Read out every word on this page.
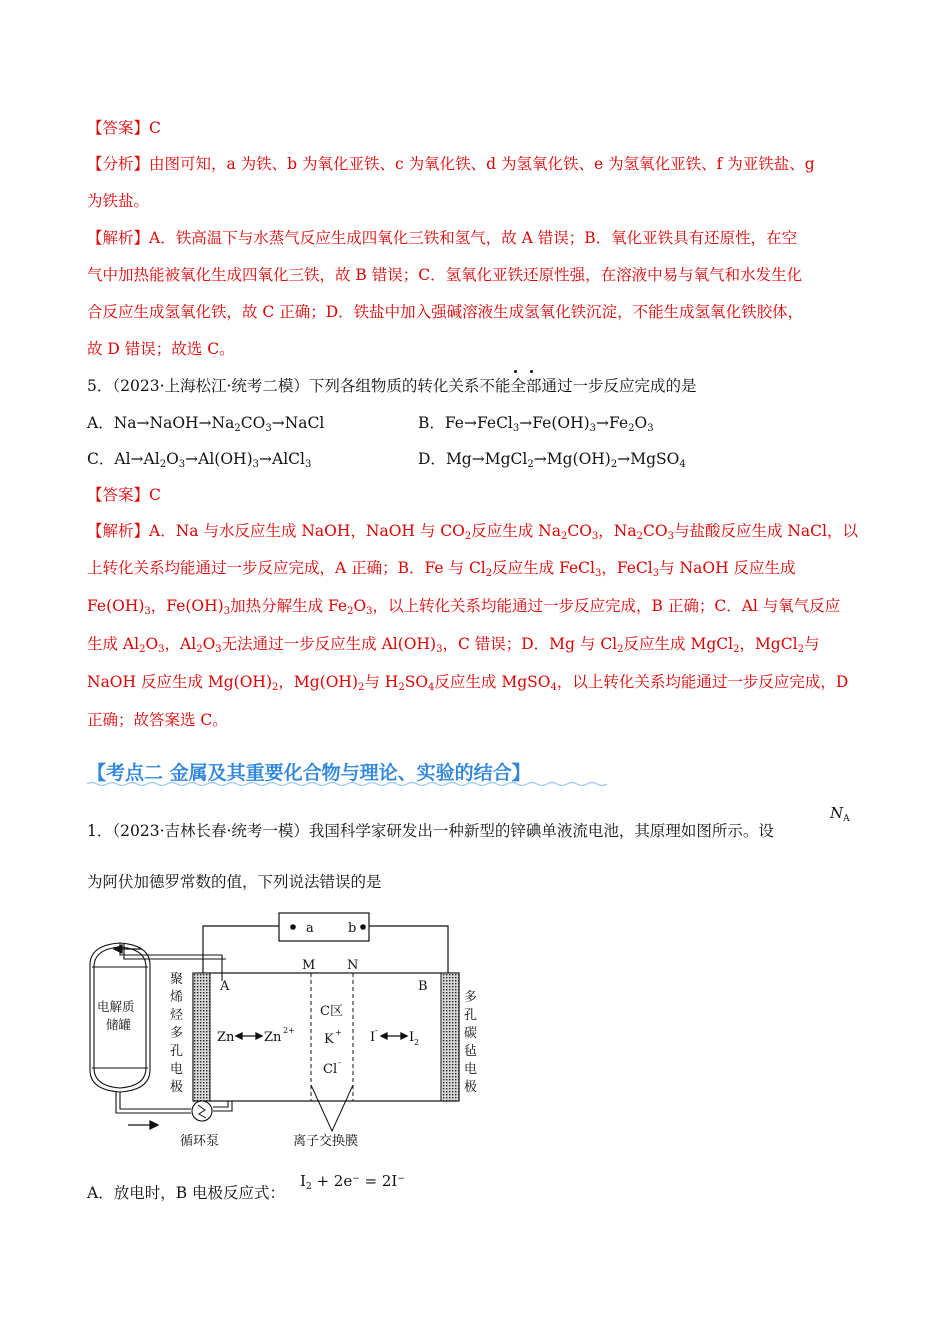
【答案】C
【分析】由图可知，a 为铁、b 为氧化亚铁、c 为氧化铁、d 为氢氧化铁、e 为氢氧化亚铁、f 为亚铁盐、g
为铁盐。
【解析】A．铁高温下与水蒸气反应生成四氧化三铁和氢气，故 A 错误；B．氧化亚铁具有还原性，在空
气中加热能被氧化生成四氧化三铁，故 B 错误；C．氢氧化亚铁还原性强，在溶液中易与氧气和水发生化
合反应生成氢氧化铁，故 C 正确；D．铁盐中加入强碱溶液生成氢氧化铁沉淀，不能生成氢氧化铁胶体，
故 D 错误；故选 C。
5．（2023·上海松江·统考二模）下列各组物质的转化关系不能全部通过一步反应完成的是
A．$Na\to NaOH\to Na_2CO_3\to NaCl$	B．$Fe\to FeCl_3\to Fe(OH)_3\to Fe_2O_3$
C．$Al\to Al_2O_3\to Al(OH)_3\to AlCl_3$	D．$Mg\to MgCl_2\to Mg(OH)_2\to MgSO_4$
【答案】C
【解析】A．Na 与水反应生成 NaOH，NaOH 与 $CO_2$反应生成 $Na_2CO_3$，$Na_2CO_3$与盐酸反应生成 NaCl，以
上转化关系均能通过一步反应完成，A 正确；B．Fe 与 $Cl_2$反应生成 FeCl$_3$，FeCl$_3$与 NaOH 反应生成
$Fe(OH)_3$，$Fe(OH)_3$加热分解生成 $Fe_2O_3$，以上转化关系均能通过一步反应完成，B 正确；C．Al 与氧气反应
生成 $Al_2O_3$，$Al_2O_3$无法通过一步反应生成 $Al(OH)_3$，C 错误；D．Mg 与 $Cl_2$反应生成 MgCl$_2$，MgCl$_2$与
NaOH 反应生成 $Mg(OH)_2$，$Mg(OH)_2$与 $H_2SO_4$反应生成 MgSO$_4$，以上转化关系均能通过一步反应完成，D
正确；故答案选 C。
【考点二 金属及其重要化合物与理论、实验的结合】
1．（2023·吉林长春·统考一模）我国科学家研发出一种新型的锌碘单液流电池，其原理如图所示。设
$N_A$
为阿伏加德罗常数的值，下列说法错误的是
a	b
M N
A	B
聚
烯
烃
多
孔
电
极
多
孔
碳
毡
电
极
Zn Zn 2+
C区
K +
Cl -
I - I 2
离子交换膜
电解质
储罐
循环泵
A．放电时，B 电极反应式：
$I_2 + 2e^- = 2I^-$
